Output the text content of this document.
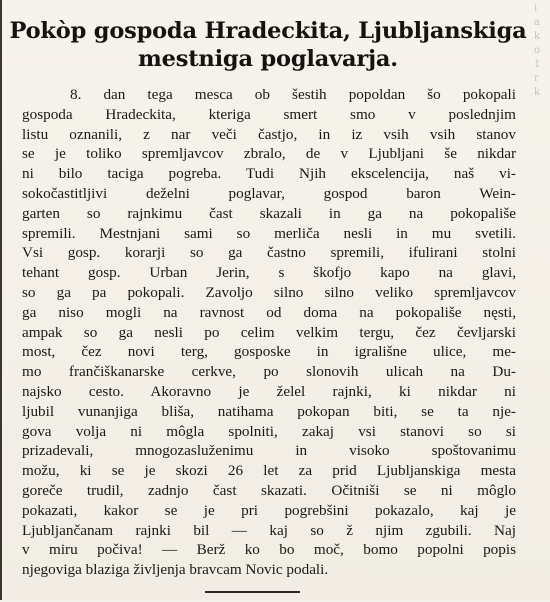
i
a
k
o
1
r
k
Pokòp gospoda Hradeckita, Ljubljanskiga
mestniga poglavarja.
8. dan tega mesca ob šestih popoldan šo pokopali
gospoda Hradeckita, kteriga smert smo v poslednjim
listu oznanili, z nar veči častjo, in iz vsih vsih stanov
se je toliko spremljavcov zbralo, de v Ljubljani še nikdar
ni bilo taciga pogreba. Tudi Njih ekscelencija, naš vi-
sokočastitljivi deželni poglavar, gospod baron Wein-
garten so rajnkimu čast skazali in ga na pokopališe
spremili. Mestnjani sami so merliča nesli in mu svetili.
Vsi gosp. korarji so ga častno spremili, ifulirani stolni
tehant gosp. Urban Jerin, s škofjo kapo na glavi,
so ga pa pokopali. Zavoljo silno silno veliko spremljavcov
ga niso mogli na ravnost od doma na pokopališe nęsti,
ampak so ga nesli po celim velkim tergu, čez čevljarski
most, čez novi terg, gosposke in igrališne ulice, me-
mo frančiškanarske cerkve, po slonovih ulicah na Du-
najsko cesto. Akoravno je želel rajnki, ki nikdar ni
ljubil vunanjiga bliša, natihama pokopan biti, se ta nje-
gova volja ni môgla spolniti, zakaj vsi stanovi so si
prizadevali, mnogozasluženimu in visoko spoštovanimu
možu, ki se je skozi 26 let za prid Ljubljanskiga mesta
goreče trudil, zadnjo čast skazati. Očitniši se ni môglo
pokazati, kakor se je pri pogrebšini pokazalo, kaj je
Ljubljančanam rajnki bil — kaj so ž njim zgubili. Naj
v miru počiva! — Berž ko bo moč, bomo popolni popis
njegoviga blaziga življenja bravcam Novic podali.
